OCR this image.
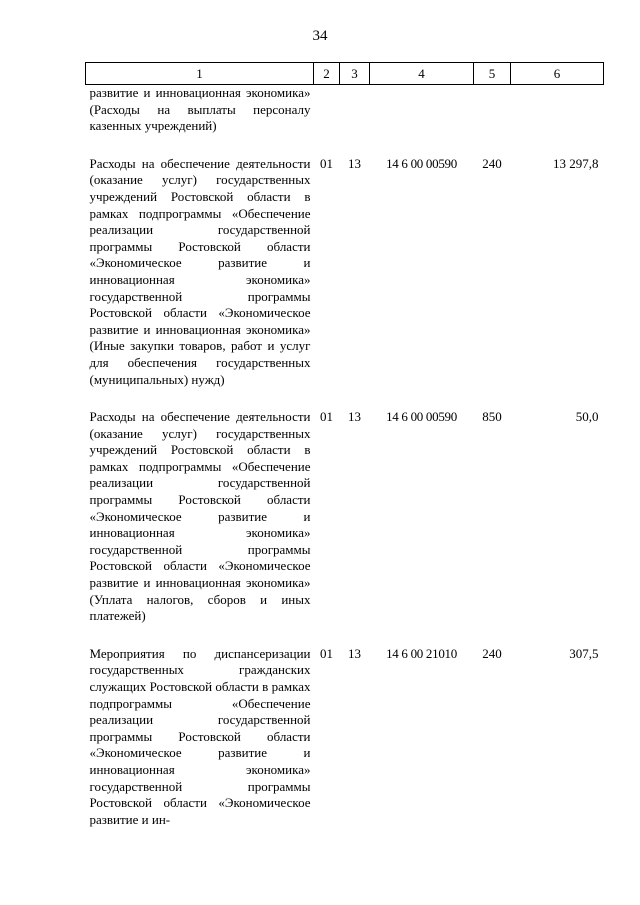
34
1	2	3	4	5	6
развитие и инновационная экономика» (Расходы на выплаты персоналу казенных учреждений)					

Расходы на обеспечение деятельности (оказание услуг) государственных учреждений Ростовской области в рамках подпрограммы «Обеспечение реализации государственной программы Ростовской области «Экономическое развитие и инновационная экономика» государственной программы Ростовской области «Экономическое развитие и инновационная экономика» (Иные закупки товаров, работ и услуг для обеспечения государственных (муниципальных) нужд)	01	13	14 6 00 00590	240	13 297,8

Расходы на обеспечение деятельности (оказание услуг) государственных учреждений Ростовской области в рамках подпрограммы «Обеспечение реализации государственной программы Ростовской области «Экономическое развитие и инновационная экономика» государственной программы Ростовской области «Экономическое развитие и инновационная экономика» (Уплата налогов, сборов и иных платежей)	01	13	14 6 00 00590	850	50,0

Мероприятия по диспансеризации государственных гражданских служащих Ростовской области в рамках подпрограммы «Обеспечение реализации государственной программы Ростовской области «Экономическое развитие и инновационная экономика» государственной программы Ростовской области «Экономическое развитие и ин-	01	13	14 6 00 21010	240	307,5
